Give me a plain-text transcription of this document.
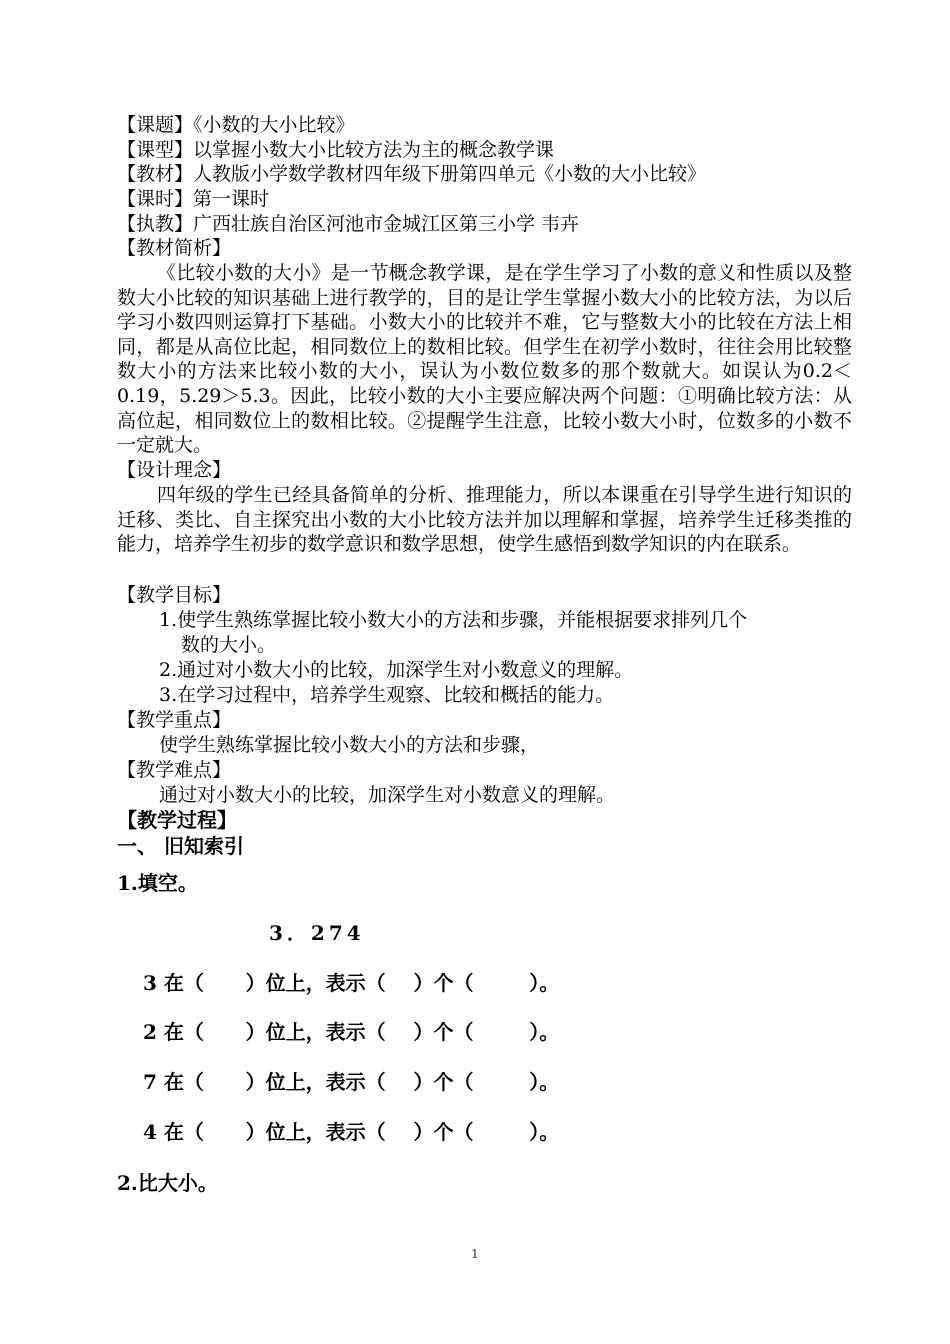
【课题】《小数的大小比较》
【课型】以掌握小数大小比较方法为主的概念教学课
【教材】人教版小学数学教材四年级下册第四单元《小数的大小比较》
【课时】第一课时
【执教】广西壮族自治区河池市金城江区第三小学 韦卉
【教材简析】
《比较小数的大小》是一节概念教学课，是在学生学习了小数的意义和性质以及整数大小比较的知识基础上进行教学的，目的是让学生掌握小数大小的比较方法，为以后学习小数四则运算打下基础。小数大小的比较并不难，它与整数大小的比较在方法上相同，都是从高位比起，相同数位上的数相比较。但学生在初学小数时，往往会用比较整数大小的方法来比较小数的大小，误认为小数位数多的那个数就大。如误认为0.2＜0.19，5.29＞5.3。因此，比较小数的大小主要应解决两个问题：①明确比较方法：从高位起，相同数位上的数相比较。②提醒学生注意，比较小数大小时，位数多的小数不一定就大。
【设计理念】
四年级的学生已经具备简单的分析、推理能力，所以本课重在引导学生进行知识的迁移、类比、自主探究出小数的大小比较方法并加以理解和掌握，培养学生迁移类推的能力，培养学生初步的数学意识和数学思想，使学生感悟到数学知识的内在联系。
【教学目标】
1.使学生熟练掌握比较小数大小的方法和步骤，并能根据要求排列几个
数的大小。
2.通过对小数大小的比较，加深学生对小数意义的理解。
3.在学习过程中，培养学生观察、比较和概括的能力。
【教学重点】
使学生熟练掌握比较小数大小的方法和步骤，
【教学难点】
通过对小数大小的比较，加深学生对小数意义的理解。
【教学过程】
一、 旧知索引
1.填空。
3．274
3 在（      ）位上，表示（    ）个（        ）。
2 在（      ）位上，表示（    ）个（        ）。
7 在（      ）位上，表示（    ）个（        ）。
4 在（      ）位上，表示（    ）个（        ）。
2.比大小。
1
